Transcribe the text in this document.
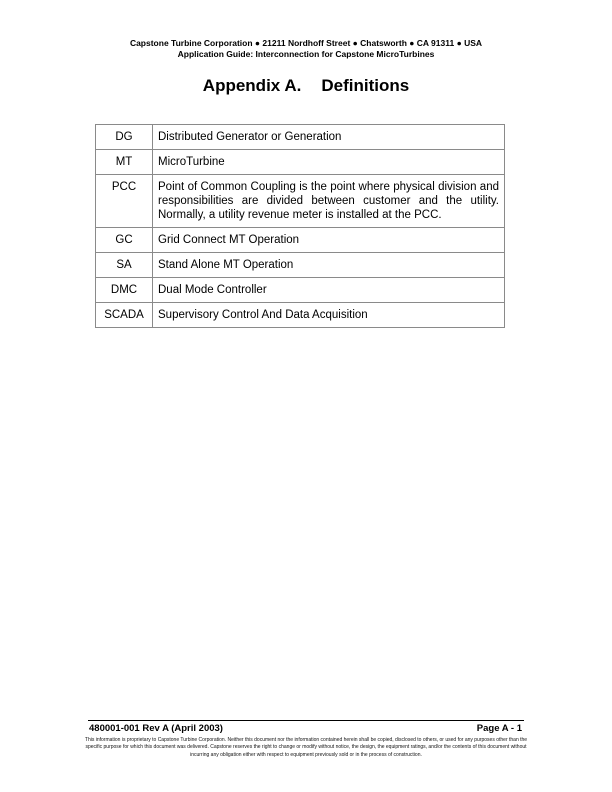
Capstone Turbine Corporation ● 21211 Nordhoff Street ● Chatsworth ● CA 91311 ● USA
Application Guide: Interconnection for Capstone MicroTurbines
Appendix A. Definitions
DG	Distributed Generator or Generation
MT	MicroTurbine
PCC	Point of Common Coupling is the point where physical division and responsibilities are divided between customer and the utility. Normally, a utility revenue meter is installed at the PCC.
GC	Grid Connect MT Operation
SA	Stand Alone MT Operation
DMC	Dual Mode Controller
SCADA	Supervisory Control And Data Acquisition
480001-001 Rev A (April 2003)	Page A - 1
This information is proprietary to Capstone Turbine Corporation. Neither this document nor the information contained herein shall be copied, disclosed to others, or used for any purposes other than the specific purpose for which this document was delivered. Capstone reserves the right to change or modify without notice, the design, the equipment ratings, and/or the contents of this document without incurring any obligation either with respect to equipment previously sold or in the process of construction.
